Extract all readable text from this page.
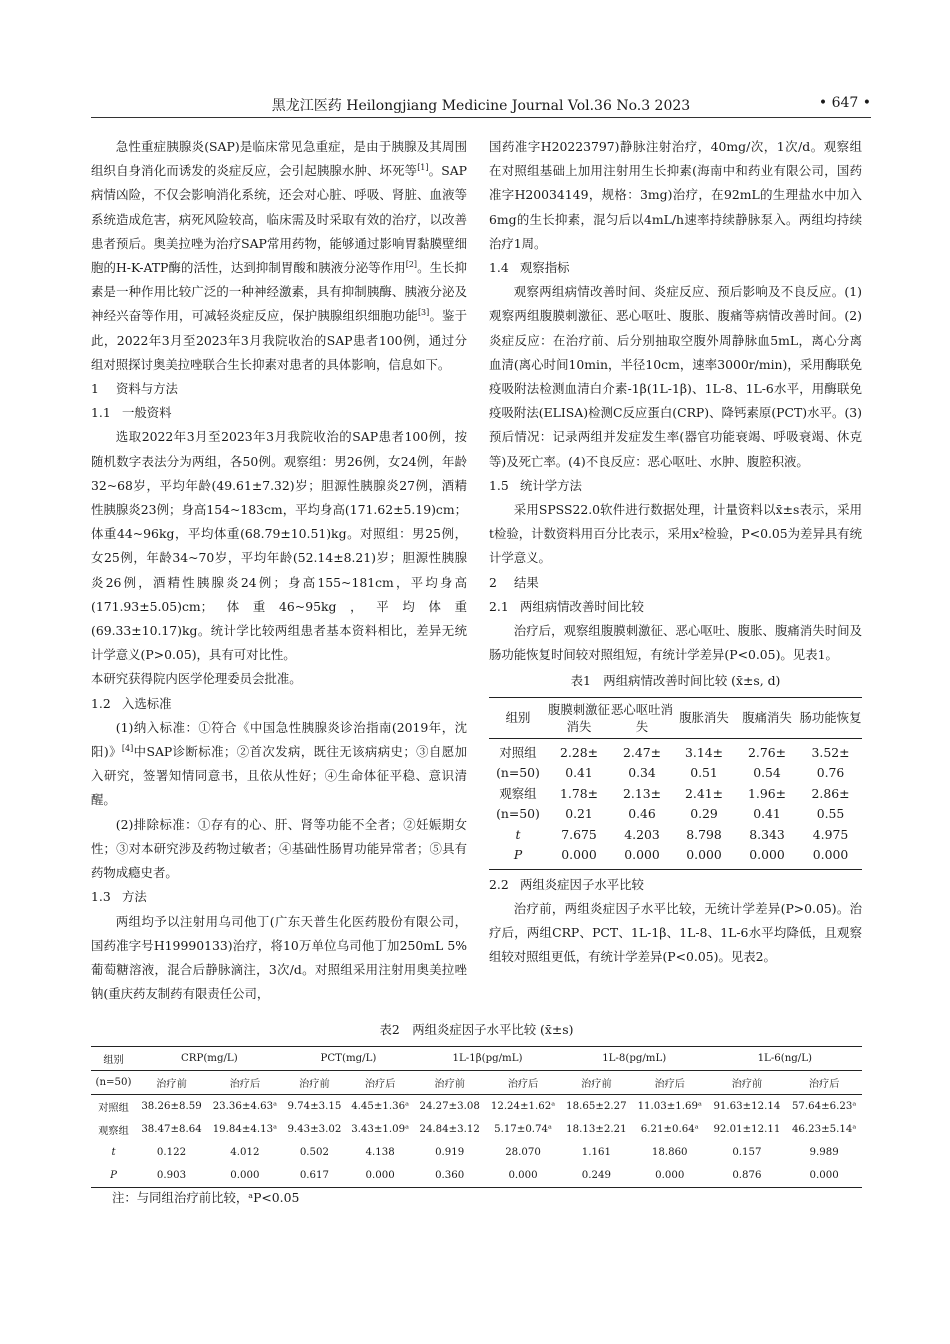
黑龙江医药 Heilongjiang Medicine Journal Vol.36 No.3 2023	• 647 •

急性重症胰腺炎(SAP)是临床常见急重症，是由于胰腺及其周围组织自身消化而诱发的炎症反应，会引起胰腺水肿、坏死等[1]。SAP病情凶险，不仅会影响消化系统，还会对心脏、呼吸、肾脏、血液等系统造成危害，病死风险较高，临床需及时采取有效的治疗，以改善患者预后。奥美拉唑为治疗SAP常用药物，能够通过影响胃黏膜壁细胞的H-K-ATP酶的活性，达到抑制胃酸和胰液分泌等作用[2]。生长抑素是一种作用比较广泛的一种神经激素，具有抑制胰酶、胰液分泌及神经兴奋等作用，可减轻炎症反应，保护胰腺组织细胞功能[3]。鉴于此，2022年3月至2023年3月我院收治的SAP患者100例，通过分组对照探讨奥美拉唑联合生长抑素对患者的具体影响，信息如下。

1 资料与方法

1.1 一般资料

选取2022年3月至2023年3月我院收治的SAP患者100例，按随机数字表法分为两组，各50例。观察组：男26例，女24例，年龄32~68岁，平均年龄(49.61±7.32)岁；胆源性胰腺炎27例，酒精性胰腺炎23例；身高154~183cm，平均身高(171.62±5.19)cm；体重44~96kg，平均体重(68.79±10.51)kg。对照组：男25例，女25例，年龄34~70岁，平均年龄(52.14±8.21)岁；胆源性胰腺炎26例，酒精性胰腺炎24例；身高155~181cm，平均身高(171.93±5.05)cm；体重46~95kg，平均体重(69.33±10.17)kg。统计学比较两组患者基本资料相比，差异无统计学意义(P>0.05)，具有可对比性。

本研究获得院内医学伦理委员会批准。

1.2 入选标准

(1)纳入标准：①符合《中国急性胰腺炎诊治指南(2019年，沈阳)》[4]中SAP诊断标准；②首次发病，既往无该病病史；③自愿加入研究，签署知情同意书，且依从性好；④生命体征平稳、意识清醒。

(2)排除标准：①存有的心、肝、肾等功能不全者；②妊娠期女性；③对本研究涉及药物过敏者；④基础性肠胃功能异常者；⑤具有药物成瘾史者。

1.3 方法

两组均予以注射用乌司他丁(广东天普生化医药股份有限公司，国药准字号H19990133)治疗，将10万单位乌司他丁加250mL 5%葡萄糖溶液，混合后静脉滴注，3次/d。对照组采用注射用奥美拉唑钠(重庆药友制药有限责任公司，

国药准字H20223797)静脉注射治疗，40mg/次，1次/d。观察组在对照组基础上加用注射用生长抑素(海南中和药业有限公司，国药准字H20034149，规格：3mg)治疗，在92mL的生理盐水中加入6mg的生长抑素，混匀后以4mL/h速率持续静脉泵入。两组均持续治疗1周。

1.4 观察指标

观察两组病情改善时间、炎症反应、预后影响及不良反应。(1)观察两组腹膜刺激征、恶心呕吐、腹胀、腹痛等病情改善时间。(2)炎症反应：在治疗前、后分别抽取空腹外周静脉血5mL，离心分离血清(离心时间10min，半径10cm，速率3000r/min)，采用酶联免疫吸附法检测血清白介素-1β(1L-1β)、1L-8、1L-6水平，用酶联免疫吸附法(ELISA)检测C反应蛋白(CRP)、降钙素原(PCT)水平。(3)预后情况：记录两组并发症发生率(器官功能衰竭、呼吸衰竭、休克等)及死亡率。(4)不良反应：恶心呕吐、水肿、腹腔积液。

1.5 统计学方法

采用SPSS22.0软件进行数据处理，计量资料以x̄±s表示，采用t检验，计数资料用百分比表示，采用x²检验，P<0.05为差异具有统计学意义。

2 结果

2.1 两组病情改善时间比较

治疗后，观察组腹膜刺激征、恶心呕吐、腹胀、腹痛消失时间及肠功能恢复时间较对照组短，有统计学差异(P<0.05)。见表1。

表1　两组病情改善时间比较 (x̄±s, d)
组别	腹膜刺激征消失	恶心呕吐消失	腹胀消失	腹痛消失	肠功能恢复
对照组	2.28±	2.47±	3.14±	2.76±	3.52±
(n=50)	0.41	0.34	0.51	0.54	0.76
观察组	1.78±	2.13±	2.41±	1.96±	2.86±
(n=50)	0.21	0.46	0.29	0.41	0.55
t	7.675	4.203	8.798	8.343	4.975
P	0.000	0.000	0.000	0.000	0.000

2.2 两组炎症因子水平比较

治疗前，两组炎症因子水平比较，无统计学差异(P>0.05)。治疗后，两组CRP、PCT、1L-1β、1L-8、1L-6水平均降低，且观察组较对照组更低，有统计学差异(P<0.05)。见表2。

表2　两组炎症因子水平比较 (x̄±s)
组别	CRP(mg/L)		PCT(mg/L)		1L-1β(pg/mL)		1L-8(pg/mL)		1L-6(ng/L)	
(n=50)	治疗前	治疗后	治疗前	治疗后	治疗前	治疗后	治疗前	治疗后	治疗前	治疗后
对照组	38.26±8.59	23.36±4.63ᵃ	9.74±3.15	4.45±1.36ᵃ	24.27±3.08	12.24±1.62ᵃ	18.65±2.27	11.03±1.69ᵃ	91.63±12.14	57.64±6.23ᵃ
观察组	38.47±8.64	19.84±4.13ᵃ	9.43±3.02	3.43±1.09ᵃ	24.84±3.12	5.17±0.74ᵃ	18.13±2.21	6.21±0.64ᵃ	92.01±12.11	46.23±5.14ᵃ
t	0.122	4.012	0.502	4.138	0.919	28.070	1.161	18.860	0.157	9.989
P	0.903	0.000	0.617	0.000	0.360	0.000	0.249	0.000	0.876	0.000
注：与同组治疗前比较，ᵃP<0.05
